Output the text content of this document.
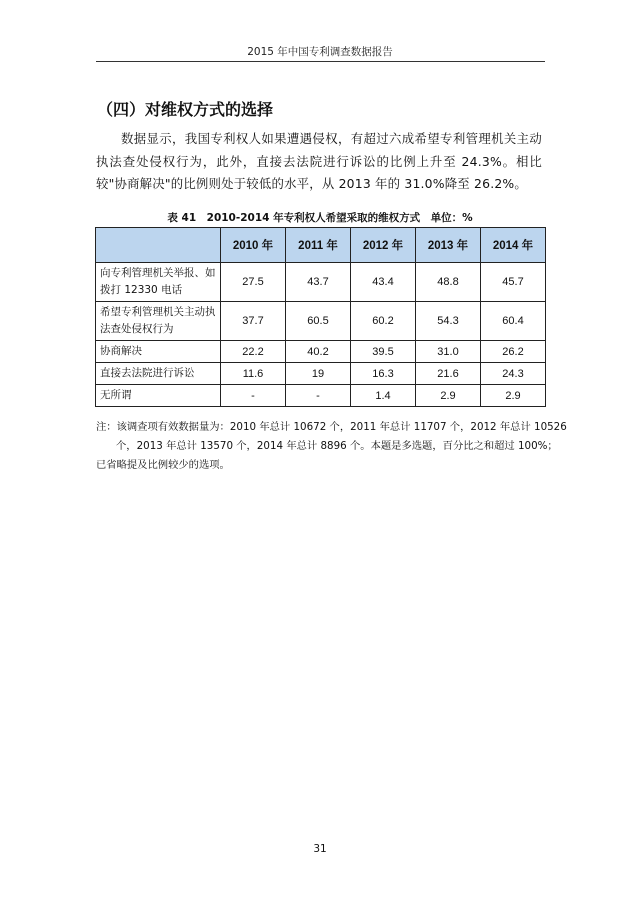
2015 年中国专利调查数据报告
（四）对维权方式的选择
数据显示，我国专利权人如果遭遇侵权，有超过六成希望专利管理机关主动执法查处侵权行为，此外，直接去法院进行诉讼的比例上升至 24.3%。相比较"协商解决"的比例则处于较低的水平，从 2013 年的 31.0%降至 26.2%。
表 41　2010-2014 年专利权人希望采取的维权方式　单位：%
	2010 年	2011 年	2012 年	2013 年	2014 年
向专利管理机关举报、如拨打 12330 电话	27.5	43.7	43.4	48.8	45.7
希望专利管理机关主动执法查处侵权行为	37.7	60.5	60.2	54.3	60.4
协商解决	22.2	40.2	39.5	31.0	26.2
直接去法院进行诉讼	11.6	19	16.3	21.6	24.3
无所谓	-	-	1.4	2.9	2.9
注：该调查项有效数据量为：2010 年总计 10672 个，2011 年总计 11707 个，2012 年总计 10526
个，2013 年总计 13570 个，2014 年总计 8896 个。本题是多选题，百分比之和超过 100%；
已省略提及比例较少的选项。
31
